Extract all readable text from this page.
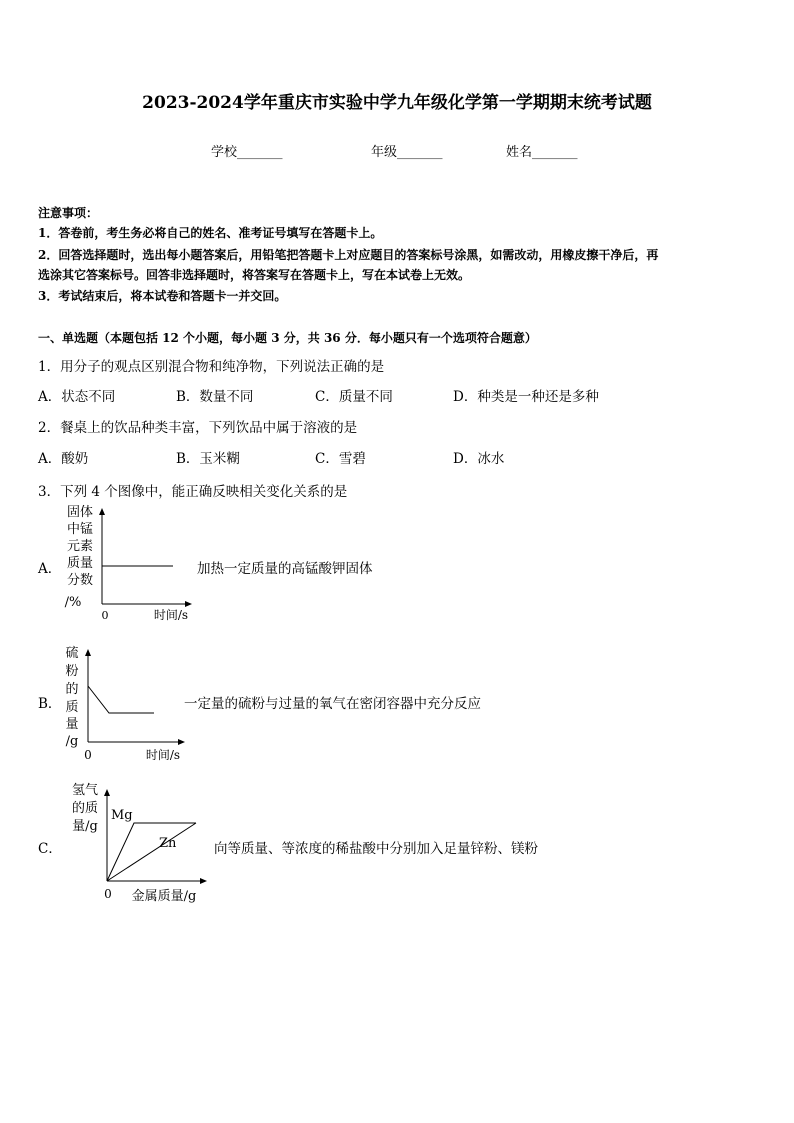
2023-2024学年重庆市实验中学九年级化学第一学期期末统考试题
学校_______	年级_______	姓名_______
注意事项：
1．答卷前，考生务必将自己的姓名、准考证号填写在答题卡上。
2．回答选择题时，选出每小题答案后，用铅笔把答题卡上对应题目的答案标号涂黑，如需改动，用橡皮擦干净后，再
选涂其它答案标号。回答非选择题时，将答案写在答题卡上，写在本试卷上无效。
3．考试结束后，将本试卷和答题卡一并交回。
一、单选题（本题包括 12 个小题，每小题 3 分，共 36 分．每小题只有一个选项符合题意）
1．用分子的观点区别混合物和纯净物，下列说法正确的是
A．状态不同	B．数量不同	C．质量不同	D．种类是一种还是多种
2．餐桌上的饮品种类丰富，下列饮品中属于溶液的是
A．酸奶	B．玉米糊	C．雪碧	D．冰水
3．下列 4 个图像中，能正确反映相关变化关系的是
A．
固体
中锰
元素
质量
分数
/%
0	时间/s
加热一定质量的高锰酸钾固体
B．
硫
粉
的
质
量
/g
0	时间/s
一定量的硫粉与过量的氧气在密闭容器中充分反应
C．
氢气
的质
量/g
Mg
Zn
0 金属质量/g
向等质量、等浓度的稀盐酸中分别加入足量锌粉、镁粉
